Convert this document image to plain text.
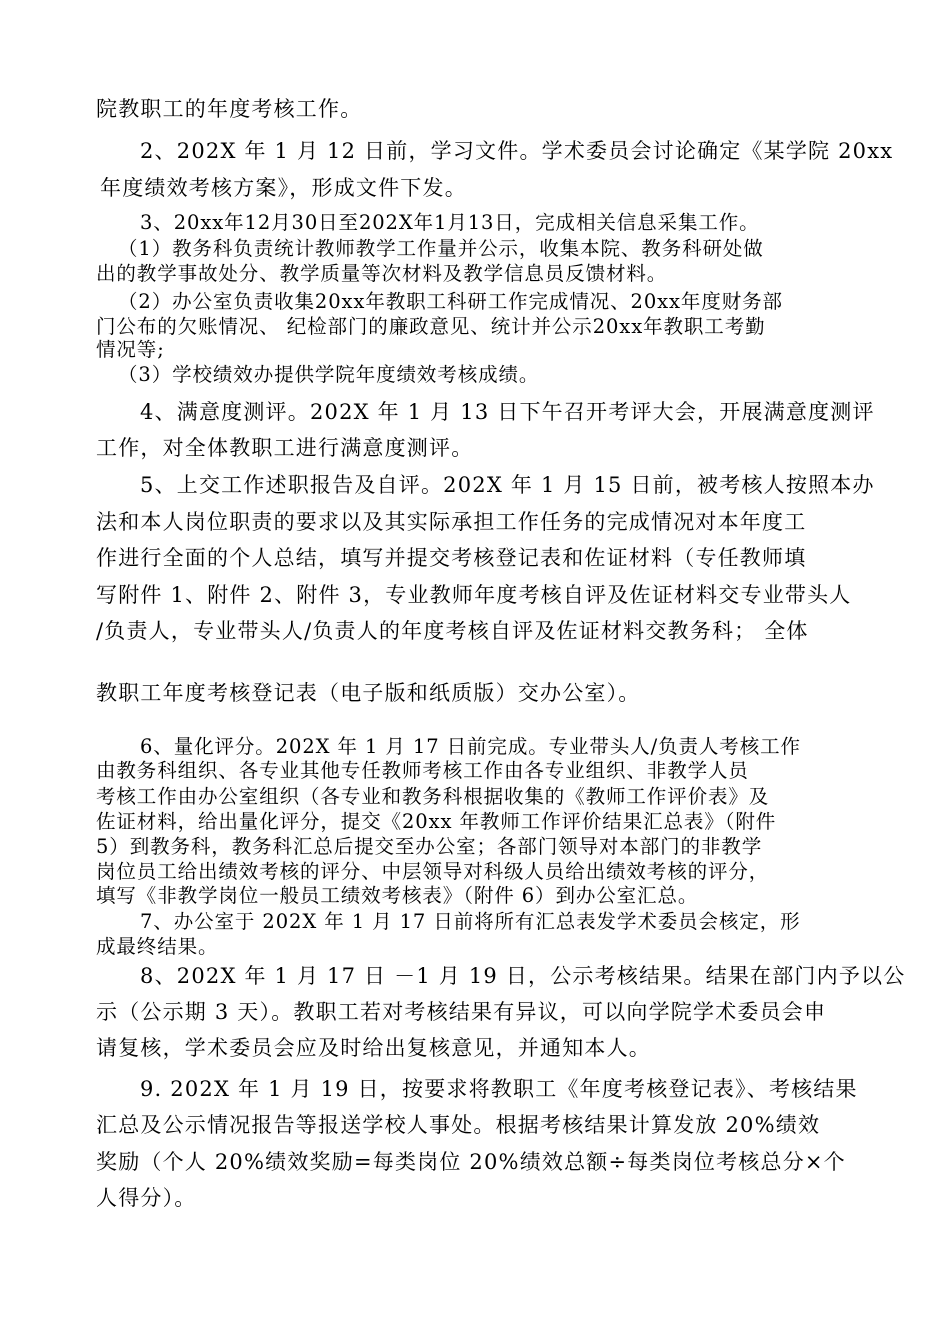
院教职工的年度考核工作。

2、202X 年 1 月 12 日前，学习文件。学术委员会讨论确定《某学院 20xx

年度绩效考核方案》，形成文件下发。

3、20xx年12月30日至202X年1月13日，完成相关信息采集工作。

（1）教务科负责统计教师教学工作量并公示，收集本院、教务科研处做

出的教学事故处分、教学质量等次材料及教学信息员反馈材料。

（2）办公室负责收集20xx年教职工科研工作完成情况、20xx年度财务部

门公布的欠账情况、 纪检部门的廉政意见、统计并公示20xx年教职工考勤

情况等;

（3）学校绩效办提供学院年度绩效考核成绩。

4、满意度测评。202X 年 1 月 13 日下午召开考评大会，开展满意度测评

工作，对全体教职工进行满意度测评。

5、上交工作述职报告及自评。202X 年 1 月 15 日前，被考核人按照本办

法和本人岗位职责的要求以及其实际承担工作任务的完成情况对本年度工

作进行全面的个人总结，填写并提交考核登记表和佐证材料（专任教师填

写附件 1、附件 2、附件 3，专业教师年度考核自评及佐证材料交专业带头人

/负责人，专业带头人/负责人的年度考核自评及佐证材料交教务科； 全体

教职工年度考核登记表（电子版和纸质版）交办公室）。

6、量化评分。202X 年 1 月 17 日前完成。专业带头人/负责人考核工作

由教务科组织、各专业其他专任教师考核工作由各专业组织、非教学人员

考核工作由办公室组织（各专业和教务科根据收集的《教师工作评价表》及

佐证材料，给出量化评分，提交《20xx 年教师工作评价结果汇总表》（附件

5）到教务科，教务科汇总后提交至办公室；各部门领导对本部门的非教学

岗位员工给出绩效考核的评分、中层领导对科级人员给出绩效考核的评分，

填写《非教学岗位一般员工绩效考核表》（附件 6）到办公室汇总。

7、办公室于 202X 年 1 月 17 日前将所有汇总表发学术委员会核定，形

成最终结果。

8、202X 年 1 月 17 日 －1 月 19 日，公示考核结果。结果在部门内予以公

示（公示期 3 天）。教职工若对考核结果有异议，可以向学院学术委员会申

请复核，学术委员会应及时给出复核意见，并通知本人。

9. 202X 年 1 月 19 日，按要求将教职工《年度考核登记表》、考核结果

汇总及公示情况报告等报送学校人事处。根据考核结果计算发放 20%绩效

奖励（个人 20%绩效奖励=每类岗位 20%绩效总额÷每类岗位考核总分×个

人得分）。
